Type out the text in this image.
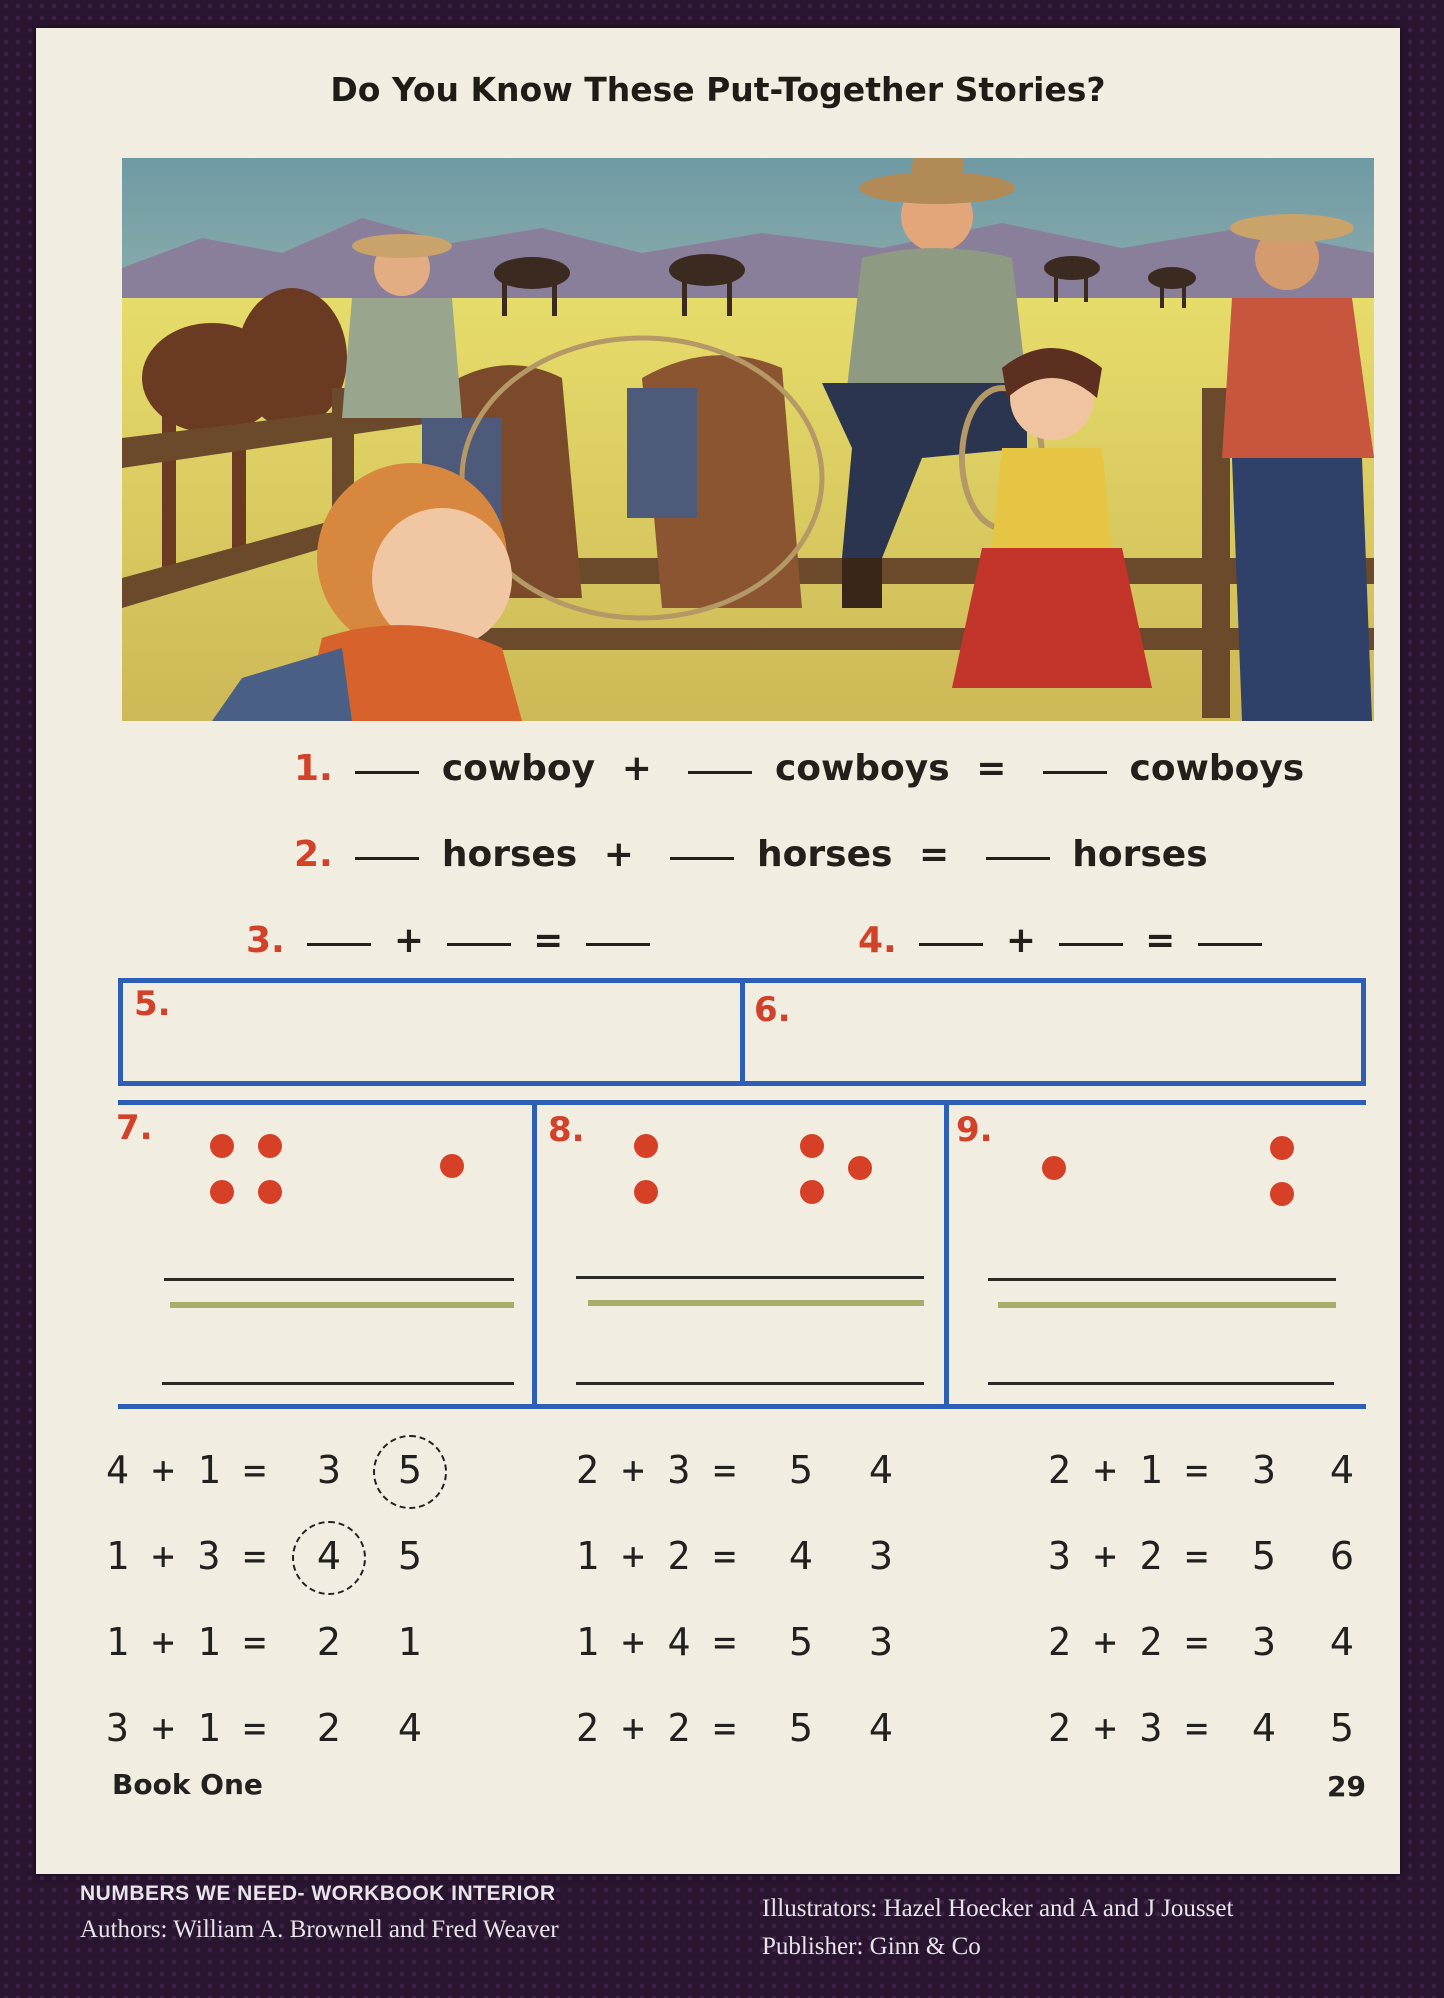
Do You Know These Put-Together Stories?
1.	cowboy +	cowboys =	cowboys
2.	horses +	horses =	horses
3.	+	=	4.	+	=
5.	6.
7.	8.	9.
4 + 1 =	3	5
1 + 3 =	4	5
1 + 1 =	2	1
3 + 1 =	2	4
2 + 3 =	5	4
1 + 2 =	4	3
1 + 4 =	5	3
2 + 2 =	5	4
2 + 1 =	3	4
3 + 2 =	5	6
2 + 2 =	3	4
2 + 3 =	4	5
Book One	29
NUMBERS WE NEED- WORKBOOK INTERIOR
Authors: William A. Brownell and Fred Weaver
Illustrators: Hazel Hoecker and A and J Jousset
Publisher: Ginn & Co
